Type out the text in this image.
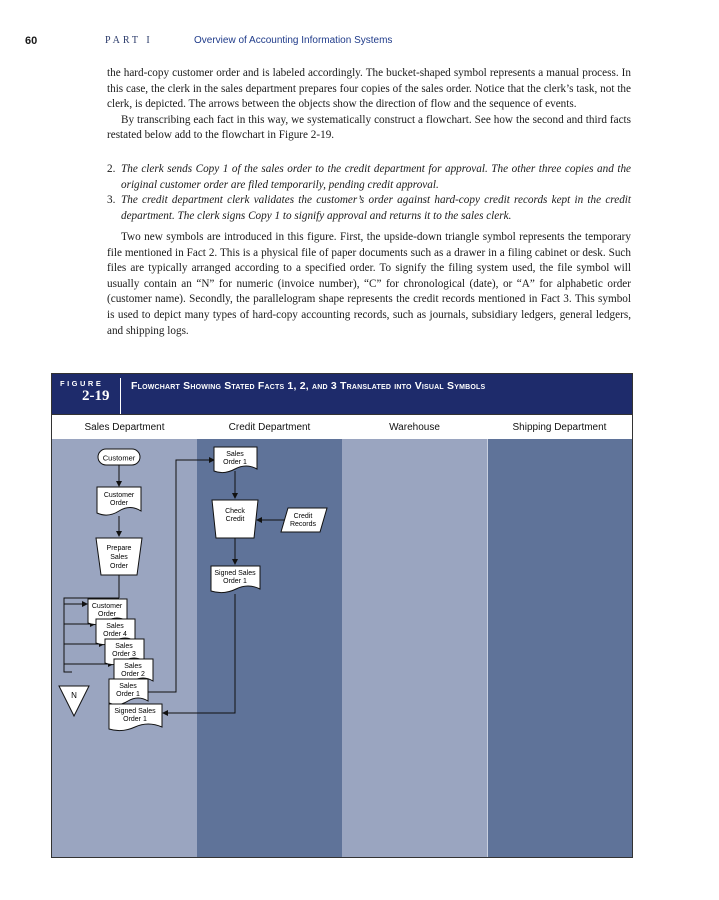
60	PART I	Overview of Accounting Information Systems

the hard-copy customer order and is labeled accordingly. The bucket-shaped symbol represents a manual process. In this case, the clerk in the sales department prepares four copies of the sales order. Notice that the clerk’s task, not the clerk, is depicted. The arrows between the objects show the direction of flow and the sequence of events.

By transcribing each fact in this way, we systematically construct a flowchart. See how the second and third facts restated below add to the flowchart in Figure 2-19.

2. The clerk sends Copy 1 of the sales order to the credit department for approval. The other three copies and the original customer order are filed temporarily, pending credit approval.
3. The credit department clerk validates the customer’s order against hard-copy credit records kept in the credit department. The clerk signs Copy 1 to signify approval and returns it to the sales clerk.

Two new symbols are introduced in this figure. First, the upside-down triangle symbol represents the temporary file mentioned in Fact 2. This is a physical file of paper documents such as a drawer in a filing cabinet or desk. Such files are typically arranged according to a specified order. To signify the filing system used, the file symbol will usually contain an “N” for numeric (invoice number), “C” for chronological (date), or “A” for alphabetic order (customer name). Secondly, the parallelogram shape represents the credit records mentioned in Fact 3. This symbol is used to depict many types of hard-copy accounting records, such as journals, subsidiary ledgers, general ledgers, and shipping logs.

FIGURE
2-19
Flowchart Showing Stated Facts 1, 2, and 3 Translated into Visual Symbols
Sales Department	Credit Department	Warehouse	Shipping Department
Customer
Customer
Order
Prepare
Sales
Order
Customer
Order
Sales
Order 4
Sales
Order 3
Sales
Order 2
Sales
Order 1
N
Signed Sales
Order 1
Sales
Order 1
Check
Credit	Credit
Records
Signed Sales
Order 1
